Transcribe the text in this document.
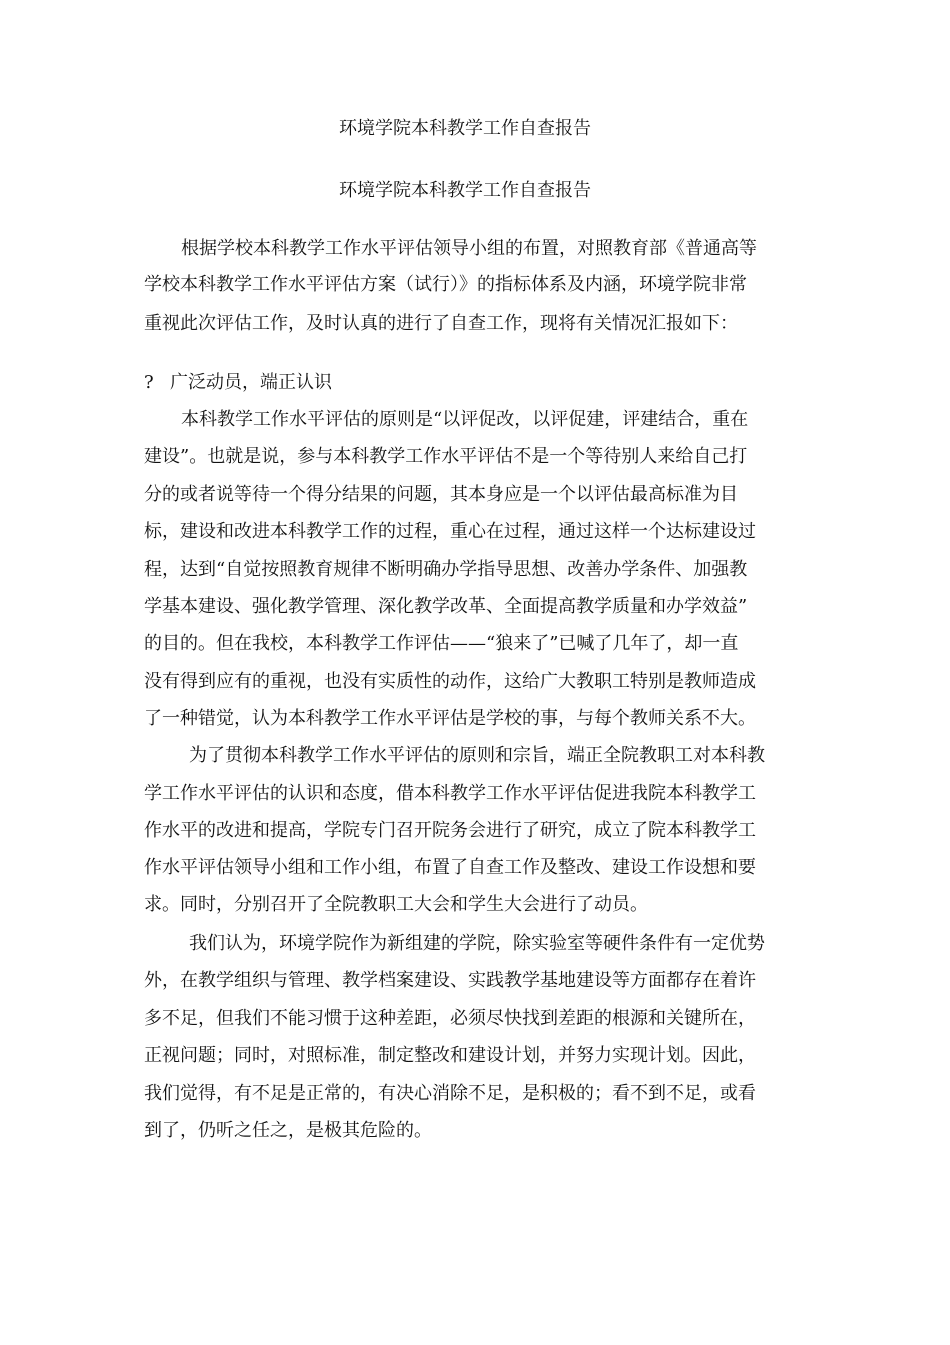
环境学院本科教学工作自查报告
环境学院本科教学工作自查报告

根据学校本科教学工作水平评估领导小组的布置，对照教育部《普通高等

学校本科教学工作水平评估方案（试行）》的指标体系及内涵，环境学院非常

重视此次评估工作，及时认真的进行了自查工作，现将有关情况汇报如下：

? 广泛动员，端正认识

本科教学工作水平评估的原则是“以评促改，以评促建，评建结合，重在

建设”。也就是说，参与本科教学工作水平评估不是一个等待别人来给自己打

分的或者说等待一个得分结果的问题，其本身应是一个以评估最高标准为目

标，建设和改进本科教学工作的过程，重心在过程，通过这样一个达标建设过

程，达到“自觉按照教育规律不断明确办学指导思想、改善办学条件、加强教

学基本建设、强化教学管理、深化教学改革、全面提高教学质量和办学效益”

的目的。但在我校，本科教学工作评估——“狼来了”已喊了几年了，却一直

没有得到应有的重视，也没有实质性的动作，这给广大教职工特别是教师造成

了一种错觉，认为本科教学工作水平评估是学校的事，与每个教师关系不大。

为了贯彻本科教学工作水平评估的原则和宗旨，端正全院教职工对本科教

学工作水平评估的认识和态度，借本科教学工作水平评估促进我院本科教学工

作水平的改进和提高，学院专门召开院务会进行了研究，成立了院本科教学工

作水平评估领导小组和工作小组，布置了自查工作及整改、建设工作设想和要

求。同时，分别召开了全院教职工大会和学生大会进行了动员。

我们认为，环境学院作为新组建的学院，除实验室等硬件条件有一定优势

外，在教学组织与管理、教学档案建设、实践教学基地建设等方面都存在着许

多不足，但我们不能习惯于这种差距，必须尽快找到差距的根源和关键所在，

正视问题；同时，对照标准，制定整改和建设计划，并努力实现计划。因此，

我们觉得，有不足是正常的，有决心消除不足，是积极的；看不到不足，或看

到了，仍听之任之，是极其危险的。
